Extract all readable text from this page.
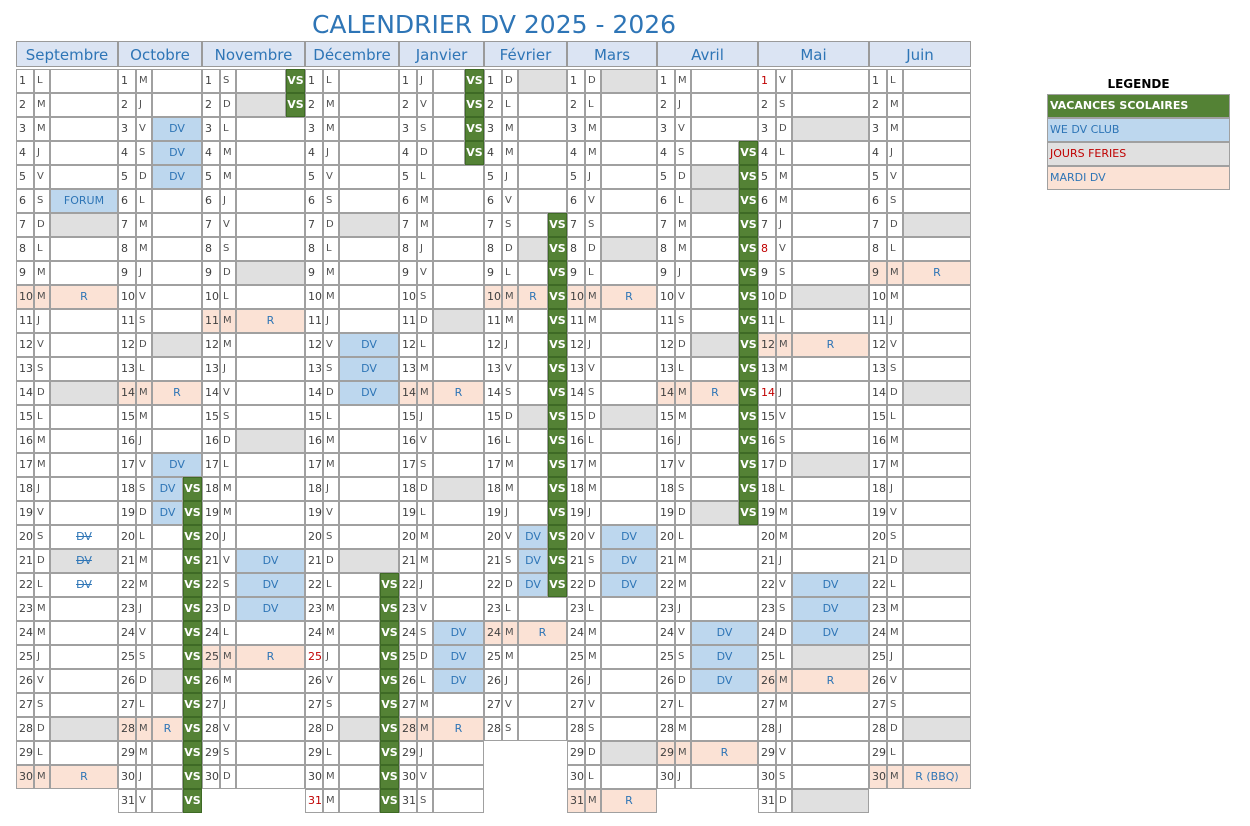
CALENDRIER DV 2025 - 2026
Septembre
1	L
2	M
3	M
4	J
5	V
6	S	FORUM
7	D
8	L
9	M
10 M	R
11 J
12 V
13 S
14 D
15 L
16 M
17 M
18 J
19 V
20 S	DV
21 D	DV
22 L	DV
23 M
24 M
25 J
26 V
27 S
28 D
29 L
30 M	R
Octobre
1	M
2	J
3	V	DV
4	S	DV
5	D	DV
6	L
7	M
8	M
9	J
10 V
11 S
12 D
13 L
14 M	R
15 M
16 J
17 V	DV
18 S	DV VS
19 D	DV VS
20 L	VS
21 M	VS
22 M	VS
23 J	VS
24 V	VS
25 S	VS
26 D	VS
27 L	VS
28 M	R	VS
29 M	VS
30 J	VS
31 V	VS
Novembre
1	S	VS
2	D	VS
3	L
4	M
5	M
6	J
7	V
8	S
9	D
10 L
11 M	R
12 M
13 J
14 V
15 S
16 D
17 L
18 M
19 M
20 J
21 V	DV
22 S	DV
23 D	DV
24 L
25 M	R
26 M
27 J
28 V
29 S
30 D
Décembre
1	L
2	M
3	M
4	J
5	V
6	S
7	D
8	L
9	M
10 M
11 J
12 V	DV
13 S	DV
14 D	DV
15 L
16 M
17 M
18 J
19 V
20 S
21 D
22 L	VS
23 M	VS
24 M	VS
25 J	VS
26 V	VS
27 S	VS
28 D	VS
29 L	VS
30 M	VS
31 M	VS
Janvier
1	J	VS
2	V	VS
3	S	VS
4	D	VS
5	L
6	M
7	M
8	J
9	V
10 S
11 D
12 L
13 M
14 M	R
15 J
16 V
17 S
18 D
19 L
20 M
21 M
22 J
23 V
24 S	DV
25 D	DV
26 L	DV
27 M
28 M	R
29 J
30 V
31 S
Février
1	D
2	L
3	M
4	M
5	J
6	V
7	S	VS
8	D	VS
9	L	VS
10 M	R	VS
11 M	VS
12 J	VS
13 V	VS
14 S	VS
15 D	VS
16 L	VS
17 M	VS
18 M	VS
19 J	VS
20 V	DV VS
21 S	DV VS
22 D	DV VS
23 L
24 M	R
25 M
26 J
27 V
28 S
Mars
1	D
2	L
3	M
4	M
5	J
6	V
7	S
8	D
9	L
10 M	R
11 M
12 J
13 V
14 S
15 D
16 L
17 M
18 M
19 J
20 V	DV
21 S	DV
22 D	DV
23 L
24 M
25 M
26 J
27 V
28 S
29 D
30 L
31 M	R
Avril
1	M
2	J
3	V
4	S	VS
5	D	VS
6	L	VS
7	M	VS
8	M	VS
9	J	VS
10 V	VS
11 S	VS
12 D	VS
13 L	VS
14 M	R	VS
15 M	VS
16 J	VS
17 V	VS
18 S	VS
19 D	VS
20 L
21 M
22 M
23 J
24 V	DV
25 S	DV
26 D	DV
27 L
28 M
29 M	R
30 J
Mai
1	V
2	S
3	D
4	L
5	M
6	M
7	J
8	V
9	S
10 D
11 L
12 M	R
13 M
14 J
15 V
16 S
17 D
18 L
19 M
20 M
21 J
22 V	DV
23 S	DV
24 D	DV
25 L
26 M	R
27 M
28 J
29 V
30 S
31 D
Juin
1	L
2	M
3	M
4	J
5	V
6	S
7	D
8	L
9	M	R
10 M
11 J
12 V
13 S
14 D
15 L
16 M
17 M
18 J
19 V
20 S
21 D
22 L
23 M
24 M
25 J
26 V
27 S
28 D
29 L
30 M	R (BBQ)
LEGENDE
VACANCES SCOLAIRES
WE DV CLUB
JOURS FERIES
MARDI DV
